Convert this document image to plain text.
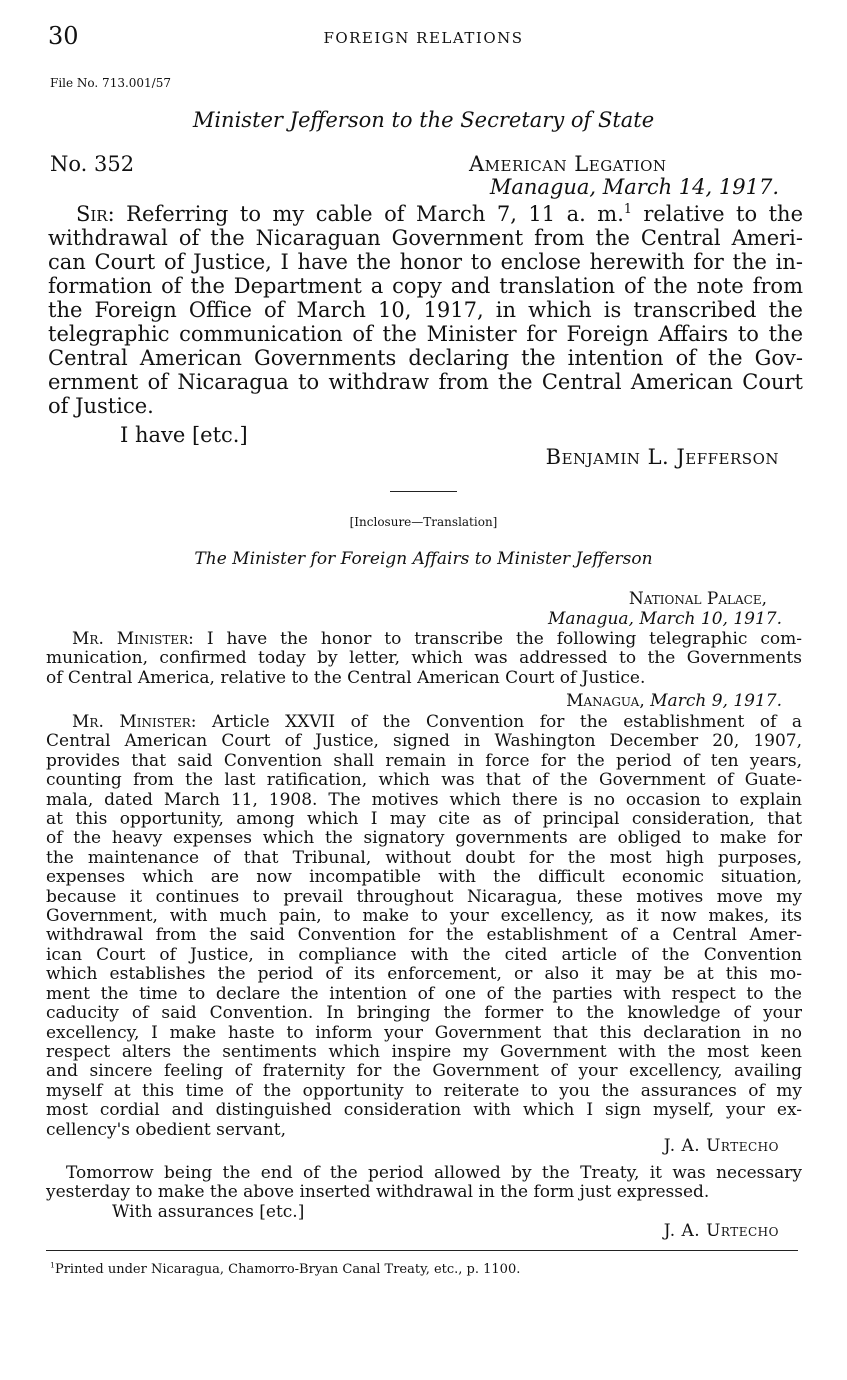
30	FOREIGN RELATIONS
File No. 713.001/57
Minister Jefferson to the Secretary of State
No. 352	American Legation
Managua, March 14, 1917.
Sir: Referring to my cable of March 7, 11 a. m.$^1$ relative to the
withdrawal of the Nicaraguan Government from the Central Ameri-
can Court of Justice, I have the honor to enclose herewith for the in-
formation of the Department a copy and translation of the note from
the Foreign Office of March 10, 1917, in which is transcribed the
telegraphic communication of the Minister for Foreign Affairs to the
Central American Governments declaring the intention of the Gov-
ernment of Nicaragua to withdraw from the Central American Court
of Justice.
I have [etc.]
Benjamin L. Jefferson
[Inclosure—Translation]
The Minister for Foreign Affairs to Minister Jefferson
National Palace,
Managua, March 10, 1917.
Mr. Minister: I have the honor to transcribe the following telegraphic com-
munication, confirmed today by letter, which was addressed to the Governments
of Central America, relative to the Central American Court of Justice.
Managua, March 9, 1917.
Mr. Minister: Article XXVII of the Convention for the establishment of a
Central American Court of Justice, signed in Washington December 20, 1907,
provides that said Convention shall remain in force for the period of ten years,
counting from the last ratification, which was that of the Government of Guate-
mala, dated March 11, 1908. The motives which there is no occasion to explain
at this opportunity, among which I may cite as of principal consideration, that
of the heavy expenses which the signatory governments are obliged to make for
the maintenance of that Tribunal, without doubt for the most high purposes,
expenses which are now incompatible with the difficult economic situation,
because it continues to prevail throughout Nicaragua, these motives move my
Government, with much pain, to make to your excellency, as it now makes, its
withdrawal from the said Convention for the establishment of a Central Amer-
ican Court of Justice, in compliance with the cited article of the Convention
which establishes the period of its enforcement, or also it may be at this mo-
ment the time to declare the intention of one of the parties with respect to the
caducity of said Convention. In bringing the former to the knowledge of your
excellency, I make haste to inform your Government that this declaration in no
respect alters the sentiments which inspire my Government with the most keen
and sincere feeling of fraternity for the Government of your excellency, availing
myself at this time of the opportunity to reiterate to you the assurances of my
most cordial and distinguished consideration with which I sign myself, your ex-
cellency's obedient servant,
J. A. Urtecho
Tomorrow being the end of the period allowed by the Treaty, it was necessary
yesterday to make the above inserted withdrawal in the form just expressed.
With assurances [etc.]
J. A. Urtecho
$^1$Printed under Nicaragua, Chamorro-Bryan Canal Treaty, etc., p. 1100.
